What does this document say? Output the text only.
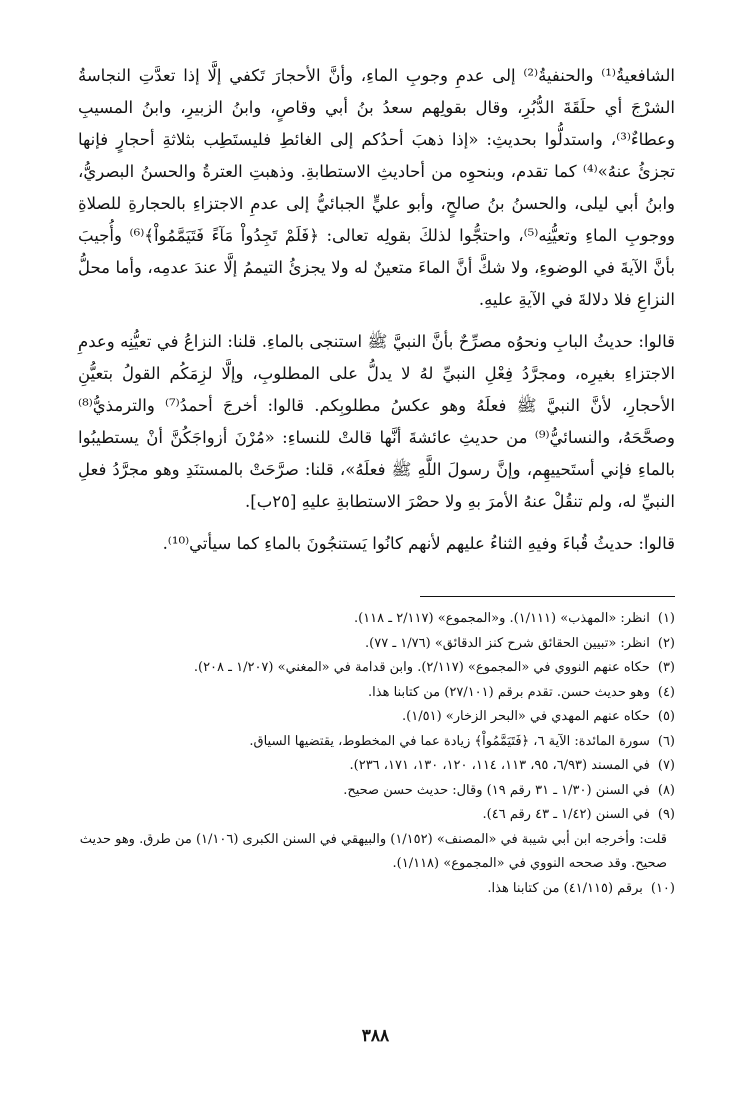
الشافعيةُ⁽¹⁾ والحنفيةُ⁽²⁾ إلى عدمِ وجوبِ الماءِ، وأنَّ الأحجارَ تَكفي إلَّا إذا تعدَّتِ النجاسةُ الشرْجَ أي حلَقَةَ الدُّبُرِ، وقال بقولِهم سعدُ بنُ أبي وقاصٍ، وابنُ الزبيرِ، وابنُ المسيبِ وعطاءٌ⁽³⁾، واستدلُّوا بحديثِ: «إذا ذهبَ أحدُكم إلى الغائطِ فليستَطِب بثلاثةِ أحجارٍ فإنها تجزئُ عنهُ»⁽⁴⁾ كما تقدم، وبنحوِه من أحاديثِ الاستطابةِ. وذهبتِ العترةُ والحسنُ البصريُّ، وابنُ أبي ليلى، والحسنُ بنُ صالحٍ، وأبو عليٍّ الجبائيُّ إلى عدمِ الاجتزاءِ بالحجارةِ للصلاةِ ووجوبِ الماءِ وتعيُّنِه⁽⁵⁾، واحتجُّوا لذلكَ بقولِه تعالى: ﴿فَلَمْ تَجِدُواْ مَآءً فَتَيَمَّمُواْ﴾⁽⁶⁾ وأُجيبَ بأنَّ الآيةَ في الوضوءِ، ولا شكَّ أنَّ الماءَ متعينٌ له ولا يجزئُ التيممُ إلَّا عندَ عدمِه، وأما محلُّ النزاعِ فلا دلالةَ في الآيةِ عليهِ.

قالوا: حديثُ البابِ ونحوُه مصرِّحٌ بأنَّ النبيَّ ﷺ استنجى بالماءِ. قلنا: النزاعُ في تعيُّنِه وعدمِ الاجتزاءِ بغيرِه، ومجرَّدُ فِعْلِ النبيِّ لهُ لا يدلُّ على المطلوبِ، وإلَّا لزِمَكُم القولُ بتعيُّنِ الأحجارِ، لأنَّ النبيَّ ﷺ فعلَهُ وهو عكسُ مطلوبِكم. قالوا: أخرجَ أحمدُ⁽⁷⁾ والترمذيُّ⁽⁸⁾ وصحَّحَهُ، والنسائيُّ⁽⁹⁾ من حديثِ عائشةَ أنَّها قالتْ للنساءِ: «مُرْنَ أزواجَكُنَّ أنْ يستطيبُوا بالماءِ فإني أستَحييهِم، وإنَّ رسولَ اللَّهِ ﷺ فعلَهُ»، قلنا: صرَّحَتْ بالمستنَدِ وهو مجرَّدُ فعلِ النبيِّ له، ولم تنقُلْ عنهُ الأمرَ بهِ ولا حصْرَ الاستطابةِ عليهِ [٢٥ب].

قالوا: حديثُ قُباءَ وفيهِ الثناءُ عليهم لأنهم كانُوا يَستنجُونَ بالماءِ كما سيأتي⁽¹⁰⁾.

(١)
انظر: «المهذب» (١/١١١). و«المجموع» (٢/١١٧ ـ ١١٨).
(٢)
انظر: «تبيين الحقائق شرح كنز الدقائق» (١/٧٦ ـ ٧٧).
(٣)
حكاه عنهم النووي في «المجموع» (٢/١١٧). وابن قدامة في «المغني» (١/٢٠٧ ـ ٢٠٨).
(٤)
وهو حديث حسن. تقدم برقم (٢٧/١٠١) من كتابنا هذا.
(٥)
حكاه عنهم المهدي في «البحر الزخار» (١/٥١).
(٦)
سورة المائدة: الآية ٦، ﴿فَتَيَمَّمُواْ﴾ زيادة عما في المخطوط، يقتضيها السياق.
(٧)
في المسند (٦/٩٣، ٩٥، ١١٣، ١١٤، ١٢٠، ١٣٠، ١٧١، ٢٣٦).
(٨)
في السنن (١/٣٠ ـ ٣١ رقم ١٩) وقال: حديث حسن صحيح.
(٩)
في السنن (١/٤٢ ـ ٤٣ رقم ٤٦).
قلت: وأخرجه ابن أبي شيبة في «المصنف» (١/١٥٢) والبيهقي في السنن الكبرى (١/١٠٦) من طرق. وهو حديث صحيح. وقد صححه النووي في «المجموع» (١/١١٨).
(١٠)
برقم (٤١/١١٥) من كتابنا هذا.
٣٨٨
